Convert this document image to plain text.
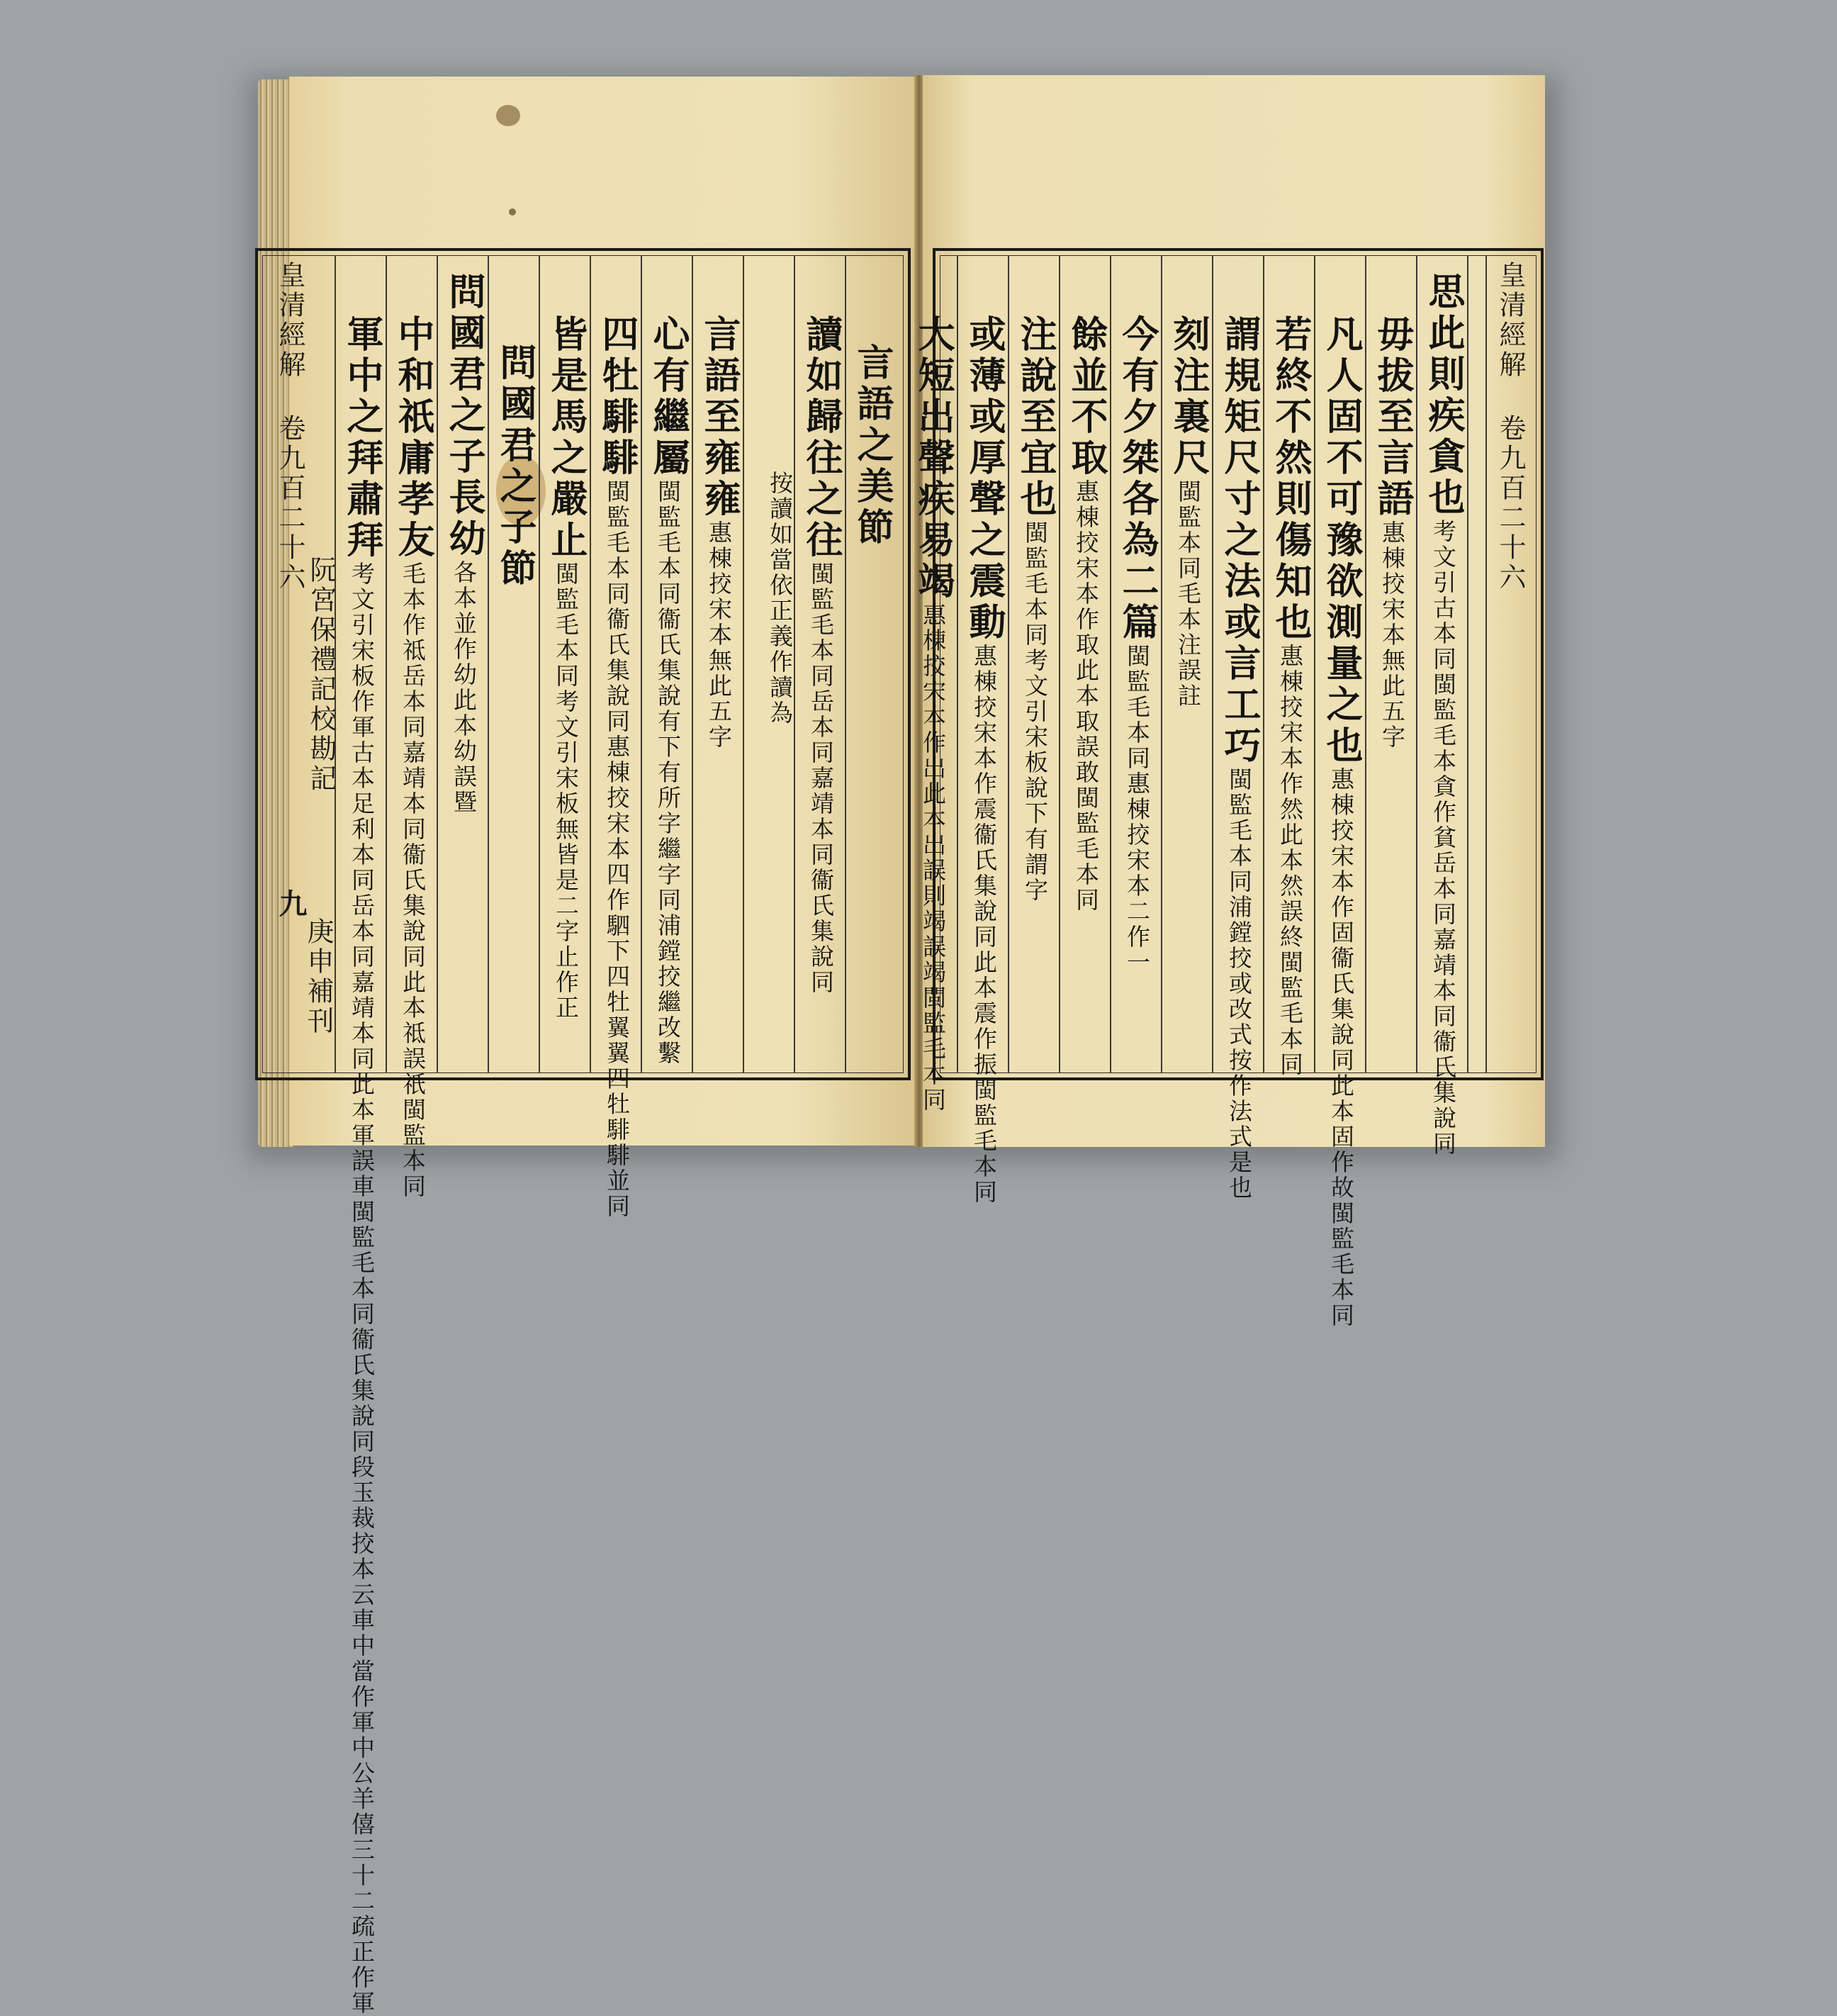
皇清經解 卷九百二十六
阮宮保禮記校勘記
九
庚申補刊
言語之美節
讀如歸往之往閩監毛本同岳本同嘉靖本同衞氏集說同
按讀如當依正義作讀為
言語至雍雍惠棟挍宋本無此五字
心有繼屬閩監毛本同衞氏集說有下有所字繼字同浦鏜挍繼改繫
四牡騑騑閩監毛本同衞氏集說同惠棟挍宋本四作駟下四牡翼翼四牡騑騑並同
皆是馬之嚴止閩監毛本同考文引宋板無皆是二字止作正
問國君之子節
問國君之子長幼各本並作幼此本幼誤暨
中和祇庸孝友毛本作祗岳本同嘉靖本同衞氏集說同此本祗誤祇閩監本同
軍中之拜肅拜考文引宋板作軍古本足利本同岳本同嘉靖本同此本軍誤車閩監毛本同衞氏集說同段玉裁挍本云車中當作軍中公羊僖三十二疏正作軍
皇清經解 卷九百二十六
思此則疾貪也考文引古本同閩監毛本貪作貧岳本同嘉靖本同衞氏集說同
毋拔至言語惠棟挍宋本無此五字
凡人固不可豫欲測量之也惠棟挍宋本作固衞氏集說同此本固作故閩監毛本同
若終不然則傷知也惠棟挍宋本作然此本然誤終閩監毛本同
謂規矩尺寸之法或言工巧閩監毛本同浦鏜挍或改式按作法式是也
刻注裏尺閩監本同毛本注誤註
今有夕桀各為二篇閩監毛本同惠棟挍宋本二作一
餘並不取惠棟挍宋本作取此本取誤敢閩監毛本同
注說至宜也閩監毛本同考文引宋板說下有謂字
或薄或厚聲之震動惠棟挍宋本作震衞氏集說同此本震作振閩監毛本同
大短出聲疾易竭惠棟挍宋本作出此本出誤則竭誤竭閩監毛本同
